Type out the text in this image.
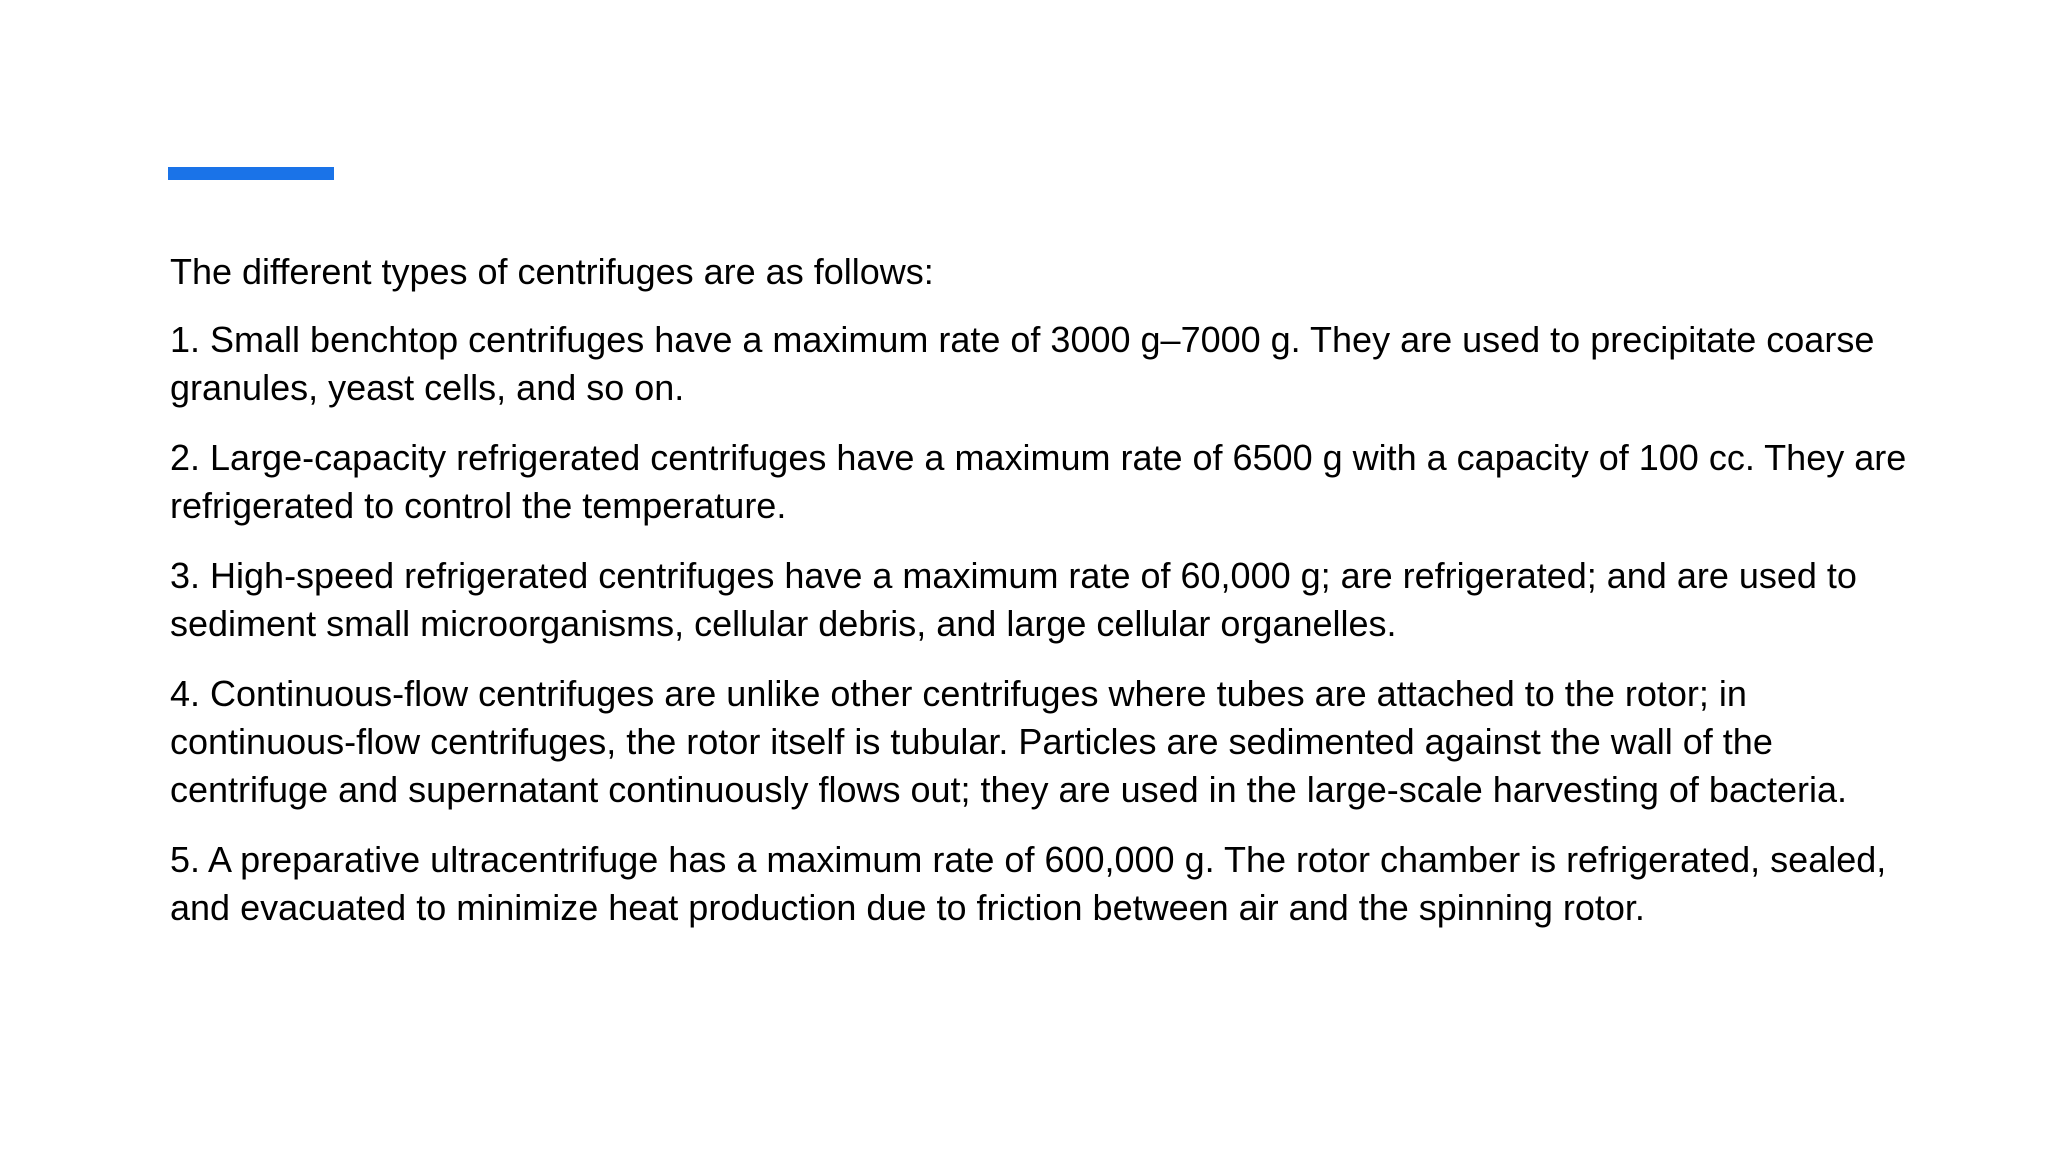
The different types of centrifuges are as follows:

1. Small benchtop centrifuges have a maximum rate of 3000 g–7000 g. They are used to precipitate coarse granules, yeast cells, and so on.

2. Large-capacity refrigerated centrifuges have a maximum rate of 6500 g with a capacity of 100 cc. They are refrigerated to control the temperature.

3. High-speed refrigerated centrifuges have a maximum rate of 60,000 g; are refrigerated; and are used to sediment small microorganisms, cellular debris, and large cellular organelles.

4. Continuous-flow centrifuges are unlike other centrifuges where tubes are attached to the rotor; in continuous-flow centrifuges, the rotor itself is tubular. Particles are sedimented against the wall of the centrifuge and supernatant continuously flows out; they are used in the large-scale harvesting of bacteria.

5. A preparative ultracentrifuge has a maximum rate of 600,000 g. The rotor chamber is refrigerated, sealed, and evacuated to minimize heat production due to friction between air and the spinning rotor.
